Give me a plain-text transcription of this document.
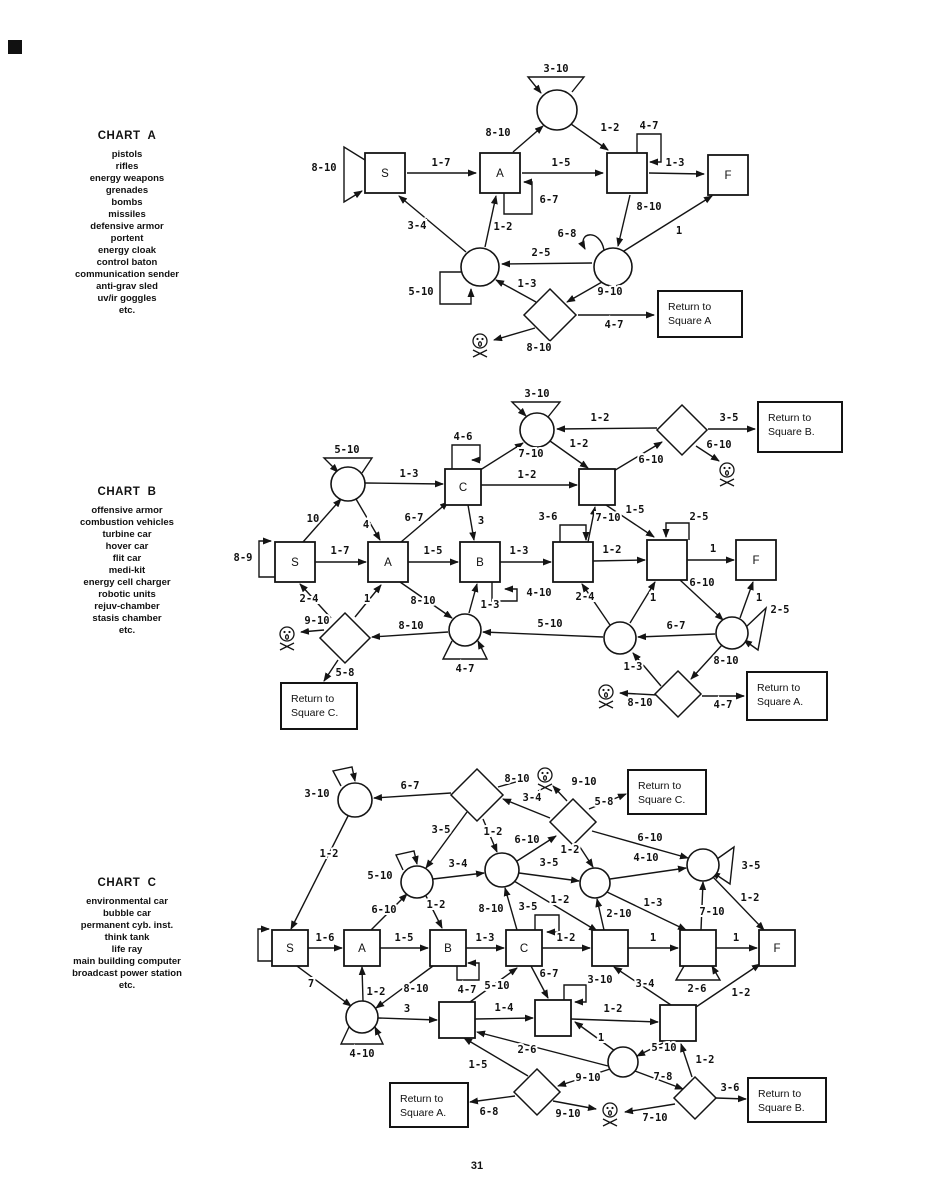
CHART  A
pistols
rifles
energy weapons
grenades
bombs
missiles
defensive armor
portent
energy cloak
control baton
communication sender
anti-grav sled
uv/ir goggles
etc.
CHART  B
offensive armor
combustion vehicles
turbine car
hover car
flit car
medi-kit
energy cell charger
robotic units
rejuv-chamber
stasis chamber
etc.
CHART  C
environmental car
bubble car
permanent cyb. inst.
think tank
life ray
main building computer
broadcast power station
etc.
S	A	F
Return to
Square A
1-7
8-10	1-2
1-5	1-3
8-10
2-5
1
9-10
1-3
4-7
8-10
1-2
3-4
8-10
6-7
3-10
4-7
5-10
6-8
S	A	B	F
C
Return to
Square B.
Return to
Square C.
Return to
Square A.
1-7	1-5	1-3	1-2	1
10	4
1-3
6-7	3
7-10
1-2
1-2
1-2
6-10
3-5
6-10
1-5
7-10
6-10
1
1
2-4
6-7
5-10
8-10	1-3
8-10
9-10
5-8
1
2-4
8-10
1-3
8-10	4-7
8-9
5-10
4-6
3-10
4-10
3-6	2-5
4-7
2-5
S	A	B	C	F
Return to
Square C.
Return to
Square A.
Return to
Square B.
1-6	1-5	1-3	1-2	1	1
7
1-2 8-10
3
6-10	1-2
3-4
3-5	1-2
6-10
1-2
3-5
1-2
8-10
4-10
6-10
1-3
2-10	7-10
1-2
8-10	9-10
5-8
3-4
6-7
1-2
6-7
5-10
1-4	1-2
3-4
1-2
5-10
1
2-6
9-10	7-8
1-5
6-8	9-10	7-10
1-2
3-6
3-10
5-10
3-5
4-7
3-5
3-10
2-6
4-10
31
